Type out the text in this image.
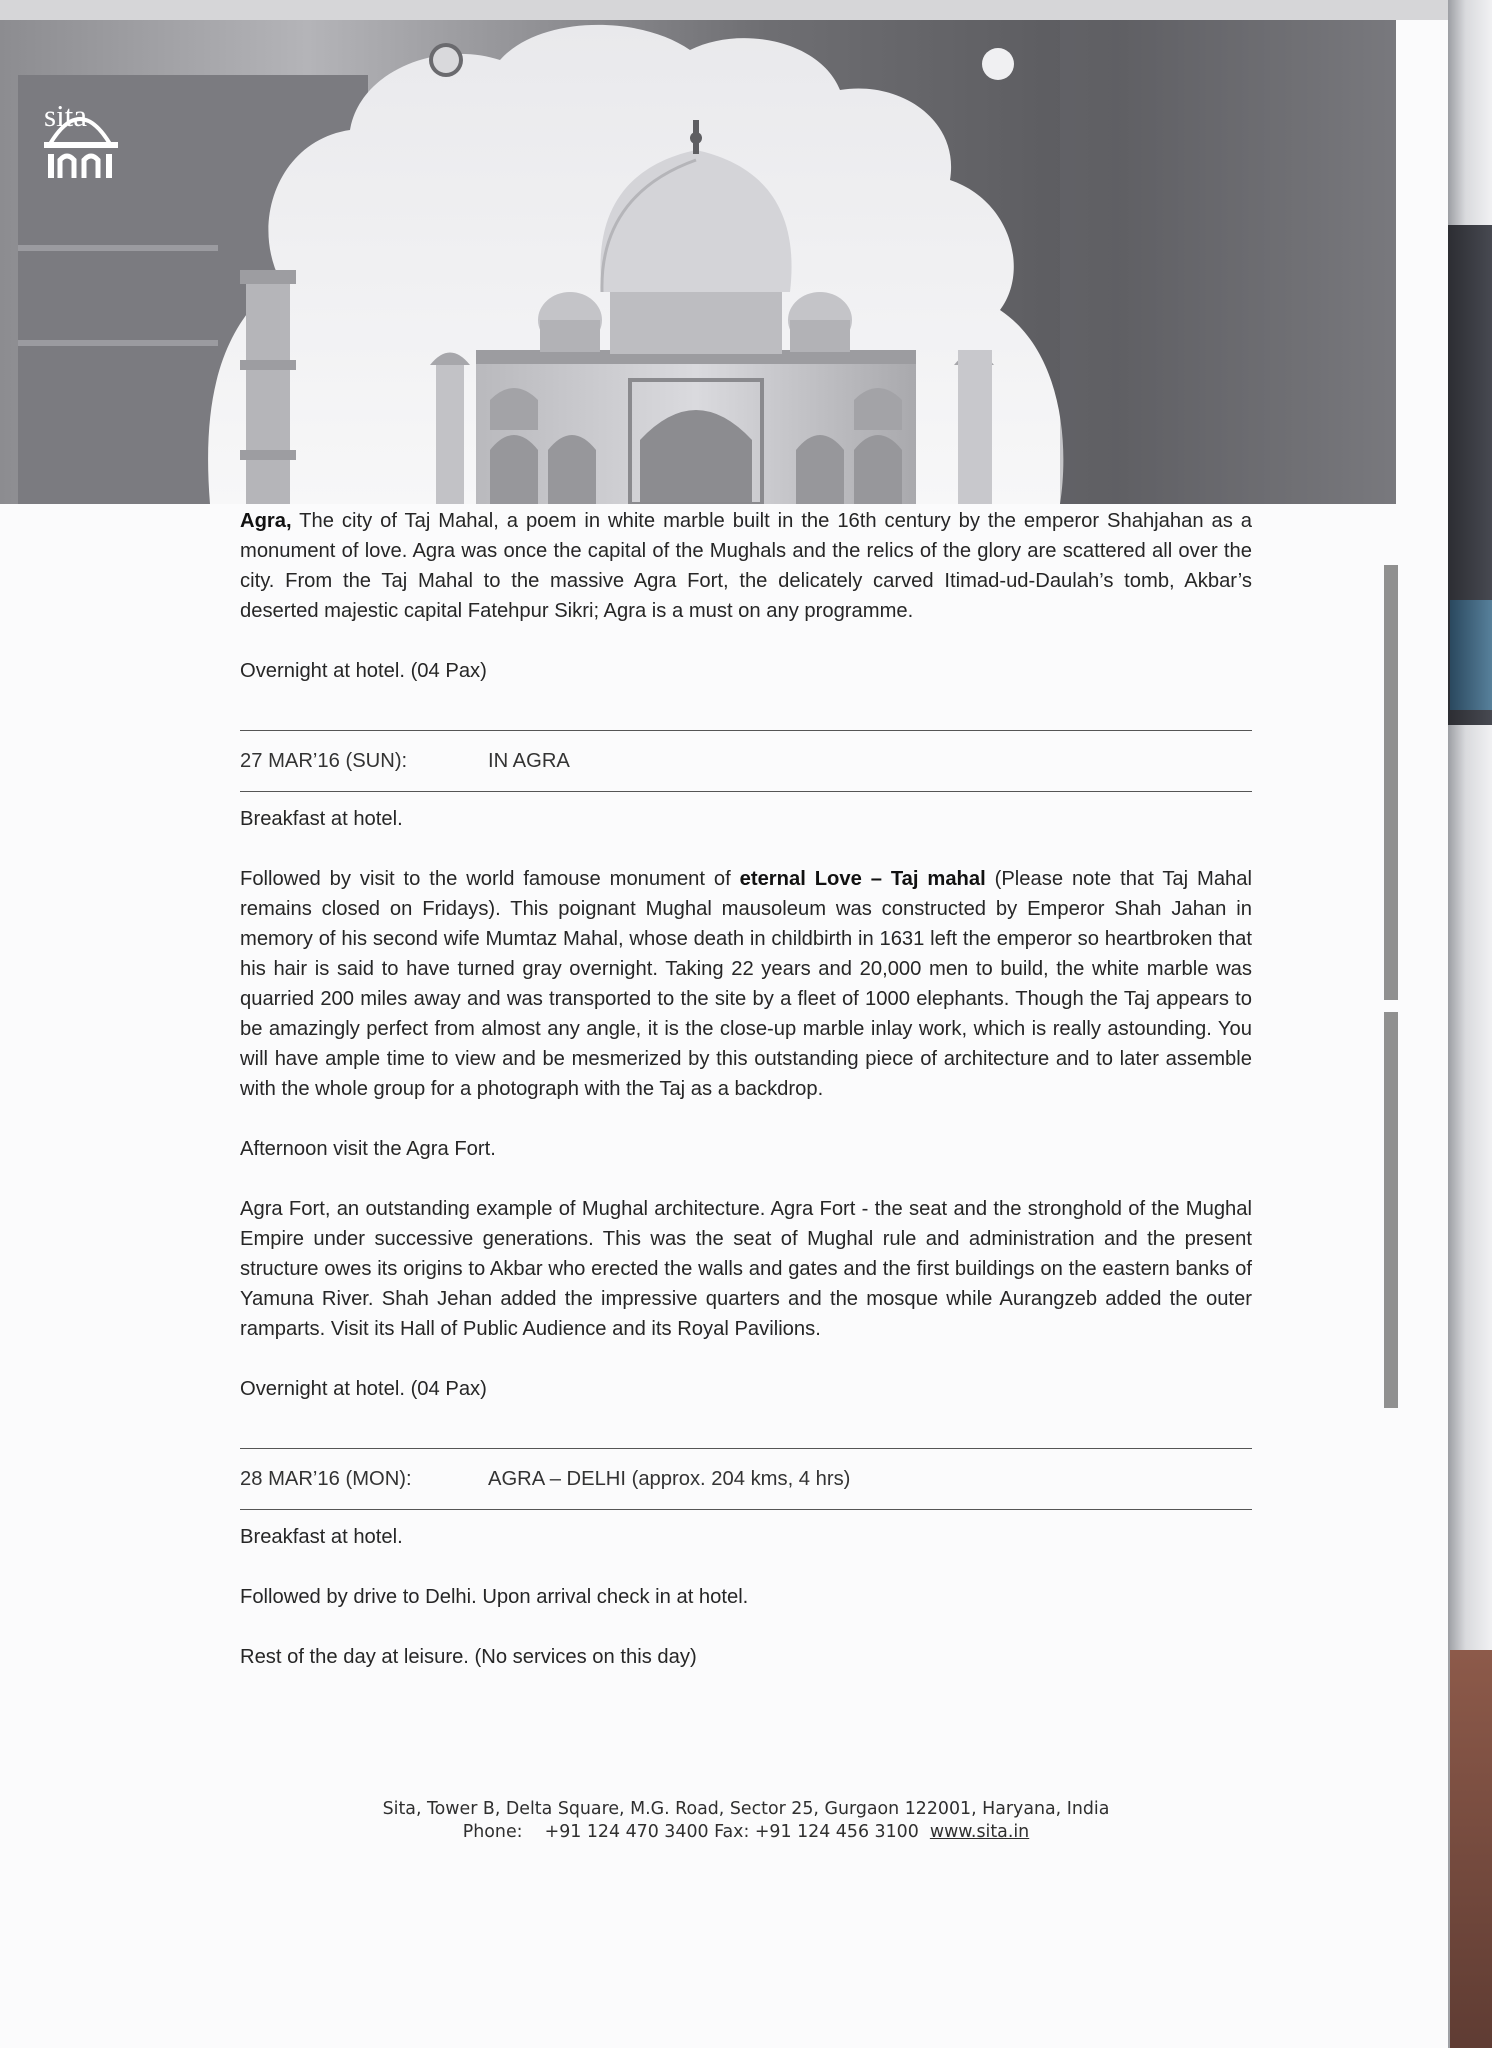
sita

Agra, The city of Taj Mahal, a poem in white marble built in the 16th century by the emperor Shahjahan as a monument of love. Agra was once the capital of the Mughals and the relics of the glory are scattered all over the city. From the Taj Mahal to the massive Agra Fort, the delicately carved Itimad-ud-Daulah’s tomb, Akbar’s deserted majestic capital Fatehpur Sikri; Agra is a must on any programme.

Overnight at hotel. (04 Pax)

27 MAR’16 (SUN):	IN AGRA

Breakfast at hotel.

Followed by visit to the world famouse monument of eternal Love – Taj mahal (Please note that Taj Mahal remains closed on Fridays). This poignant Mughal mausoleum was constructed by Emperor Shah Jahan in memory of his second wife Mumtaz Mahal, whose death in childbirth in 1631 left the emperor so heartbroken that his hair is said to have turned gray overnight. Taking 22 years and 20,000 men to build, the white marble was quarried 200 miles away and was transported to the site by a fleet of 1000 elephants. Though the Taj appears to be amazingly perfect from almost any angle, it is the close-up marble inlay work, which is really astounding. You will have ample time to view and be mesmerized by this outstanding piece of architecture and to later assemble with the whole group for a photograph with the Taj as a backdrop.

Afternoon visit the Agra Fort.

Agra Fort, an outstanding example of Mughal architecture. Agra Fort - the seat and the stronghold of the Mughal Empire under successive generations. This was the seat of Mughal rule and administration and the present structure owes its origins to Akbar who erected the walls and gates and the first buildings on the eastern banks of Yamuna River. Shah Jehan added the impressive quarters and the mosque while Aurangzeb added the outer ramparts. Visit its Hall of Public Audience and its Royal Pavilions.

Overnight at hotel. (04 Pax)

28 MAR’16 (MON):	AGRA – DELHI (approx. 204 kms, 4 hrs)

Breakfast at hotel.

Followed by drive to Delhi. Upon arrival check in at hotel.

Rest of the day at leisure. (No services on this day)

Sita, Tower B, Delta Square, M.G. Road, Sector 25, Gurgaon 122001, Haryana, India
Phone: +91 124 470 3400 Fax: +91 124 456 3100 www.sita.in
